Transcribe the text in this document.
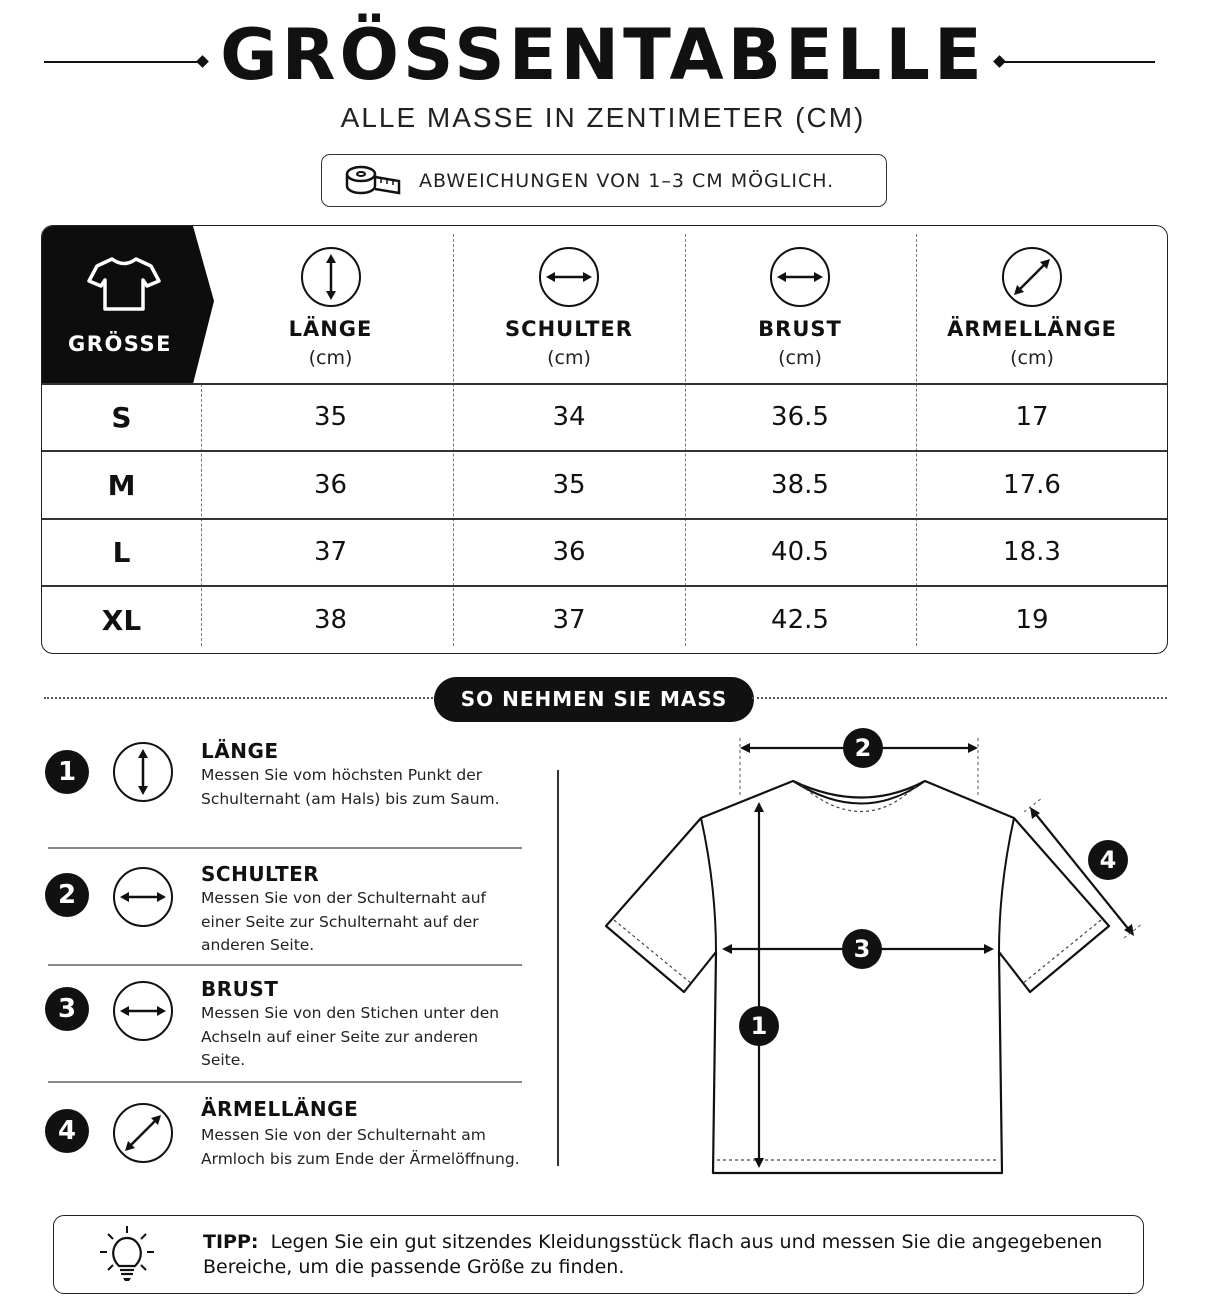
GRÖSSENTABELLE
ALLE MASSE IN ZENTIMETER (CM)
ABWEICHUNGEN VON 1–3 CM MÖGLICH.
GRÖSSE
LÄNGE
(cm)
SCHULTER
(cm)
BRUST
(cm)
ÄRMELLÄNGE
(cm)
S	35	34	36.5	17
M	36	35	38.5	17.6
L	37	36	40.5	18.3
XL	38	37	42.5	19
SO NEHMEN SIE MASS
1
LÄNGE
Messen Sie vom höchsten Punkt der Schulternaht (am Hals) bis zum Saum.
2
SCHULTER
Messen Sie von der Schulternaht auf einer Seite zur Schulternaht auf der anderen Seite.
3
BRUST
Messen Sie von den Stichen unter den Achseln auf einer Seite zur anderen Seite.
4
ÄRMELLÄNGE
Messen Sie von der Schulternaht am Armloch bis zum Ende der Ärmelöffnung.
1
2
3
4
TIPP: Legen Sie ein gut sitzendes Kleidungsstück flach aus und messen Sie die angegebenen Bereiche, um die passende Größe zu finden.
